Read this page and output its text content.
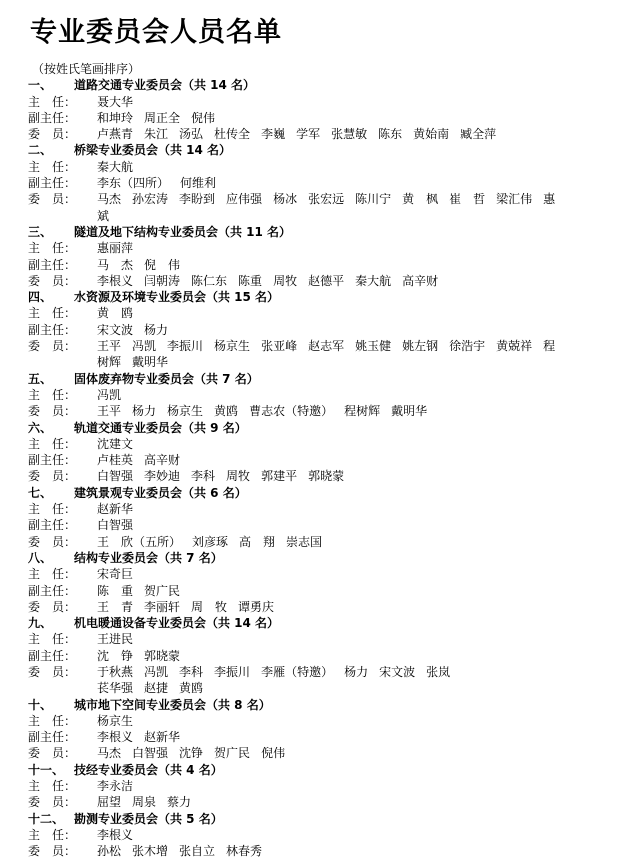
专业委员会人员名单
（按姓氏笔画排序）
一、 道路交通专业委员会（共 14 名）
主　任： 聂大华
副主任： 和坤玲 周正全 倪伟
委　员： 卢燕青 朱江 汤弘 杜传全 李巍 学军 张慧敏 陈东 黄始南 臧全萍
二、 桥梁专业委员会（共 14 名）
主　任： 秦大航
副主任： 李东（四所） 何维利
委　员： 马杰 孙宏涛 李盼到 应伟强 杨冰 张宏远 陈川宁 黄　枫 崔　哲 梁汇伟 惠
斌
三、 隧道及地下结构专业委员会（共 11 名）
主　任： 惠丽萍
副主任： 马　杰 倪　伟
委　员： 李根义 闫朝涛 陈仁东 陈重 周牧 赵德平 秦大航 高辛财
四、 水资源及环境专业委员会（共 15 名）
主　任： 黄　鸥
副主任： 宋文波 杨力
委　员： 王平 冯凯 李振川 杨京生 张亚峰 赵志军 姚玉健 姚左钢 徐浩宇 黄兢祥 程
树辉 戴明华
五、 固体废弃物专业委员会（共 7 名）
主　任： 冯凯
委　员： 王平 杨力 杨京生 黄鸥 曹志农（特邀） 程树辉 戴明华
六、 轨道交通专业委员会（共 9 名）
主　任： 沈建文
副主任： 卢桂英 高辛财
委　员： 白智强 李妙迪 李科 周牧 郭建平 郭晓蒙
七、 建筑景观专业委员会（共 6 名）
主　任： 赵新华
副主任： 白智强
委　员： 王　欣（五所） 刘彦琢 高　翔 崇志国
八、 结构专业委员会（共 7 名）
主　任： 宋奇巨
副主任： 陈　重 贺广民
委　员： 王　青 李丽轩 周　牧 谭勇庆
九、 机电暖通设备专业委员会（共 14 名）
主　任： 王进民
副主任： 沈　铮 郭晓蒙
委　员： 于秋燕 冯凯 李科 李振川 李雁（特邀） 杨力 宋文波 张岚
苌华强 赵捷 黄鸥
十、 城市地下空间专业委员会（共 8 名）
主　任： 杨京生
副主任： 李根义 赵新华
委　员： 马杰 白智强 沈铮 贺广民 倪伟
十一、 技经专业委员会（共 4 名）
主　任： 李永洁
委　员： 屈望 周泉 蔡力
十二、 勘测专业委员会（共 5 名）
主　任： 李根义
委　员： 孙松 张木增 张自立 林春秀
